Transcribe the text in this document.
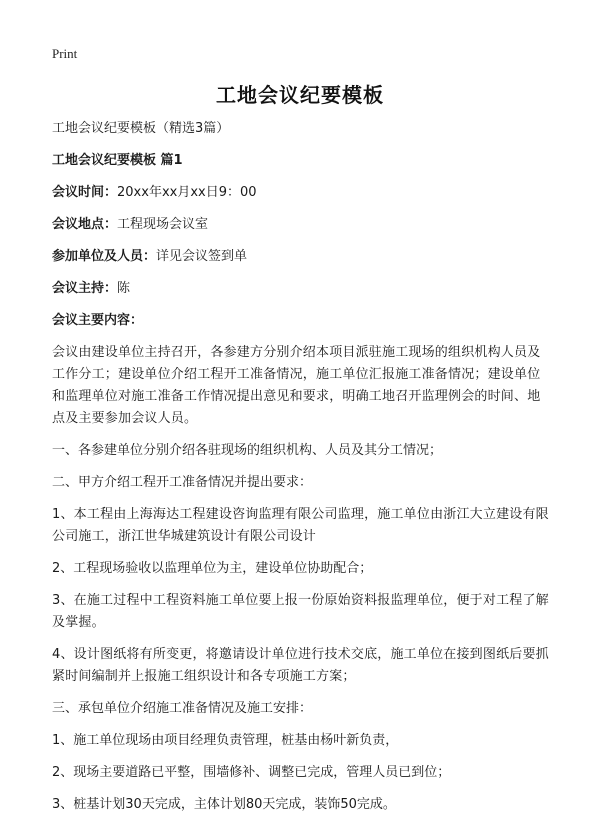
Print
工地会议纪要模板
工地会议纪要模板（精选3篇）
工地会议纪要模板 篇1
会议时间：20xx年xx月xx日9：00
会议地点：工程现场会议室
参加单位及人员：详见会议签到单
会议主持：陈
会议主要内容：
会议由建设单位主持召开，各参建方分别介绍本项目派驻施工现场的组织机构人员及工作分工；建设单位介绍工程开工准备情况，施工单位汇报施工准备情况；建设单位和监理单位对施工准备工作情况提出意见和要求，明确工地召开监理例会的时间、地点及主要参加会议人员。
一、各参建单位分别介绍各驻现场的组织机构、人员及其分工情况；
二、甲方介绍工程开工准备情况并提出要求：
1、本工程由上海海达工程建设咨询监理有限公司监理，施工单位由浙江大立建设有限公司施工，浙江世华城建筑设计有限公司设计
2、工程现场验收以监理单位为主，建设单位协助配合；
3、在施工过程中工程资料施工单位要上报一份原始资料报监理单位，便于对工程了解及掌握。
4、设计图纸将有所变更，将邀请设计单位进行技术交底，施工单位在接到图纸后要抓紧时间编制并上报施工组织设计和各专项施工方案；
三、承包单位介绍施工准备情况及施工安排：
1、施工单位现场由项目经理负责管理，桩基由杨叶新负责，
2、现场主要道路已平整，围墙修补、调整已完成，管理人员已到位；
3、桩基计划30天完成，主体计划80天完成，装饰50完成。
